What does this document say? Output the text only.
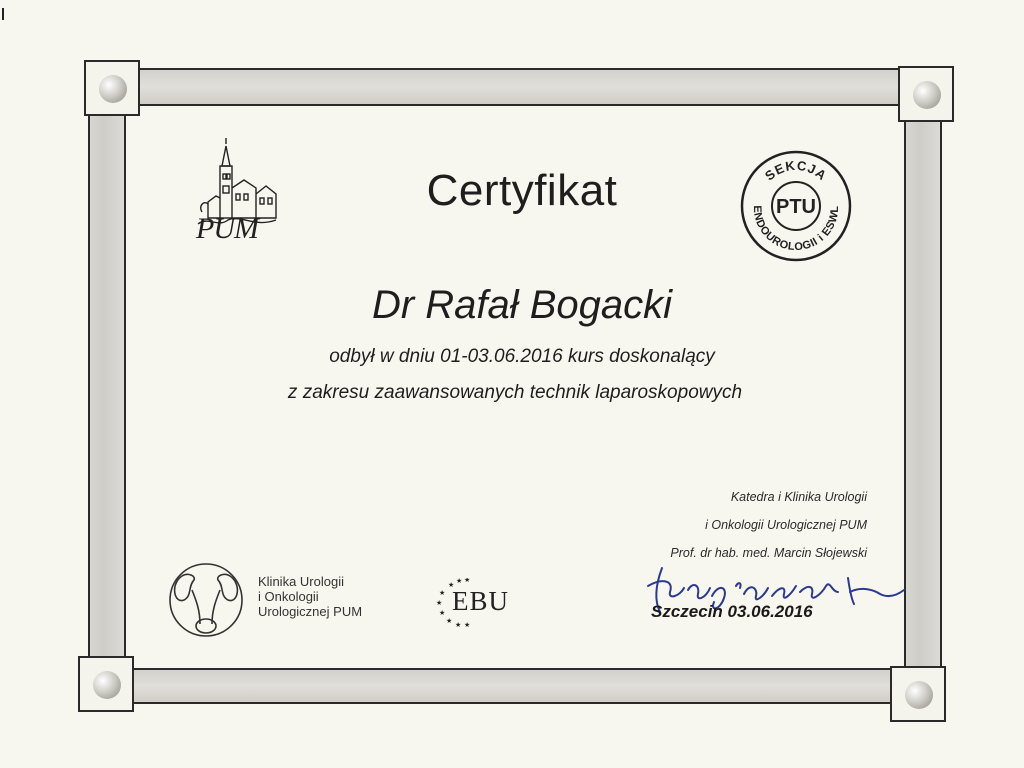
PUM
Certyfikat
Dr Rafał Bogacki
odbył w dniu 01-03.06.2016 kurs doskonalący
z zakresu zaawansowanych technik laparoskopowych
SEKCJA
ENDOUROLOGII i ESWL
PTU
Katedra i Klinika Urologii
i Onkologii Urologicznej PUM
Prof. dr hab. med. Marcin Słojewski
Szczecin 03.06.2016
Klinika Urologii
i Onkologii
Urologicznej PUM
★
★ ★
★
★
★
★
★ ★
EBU
